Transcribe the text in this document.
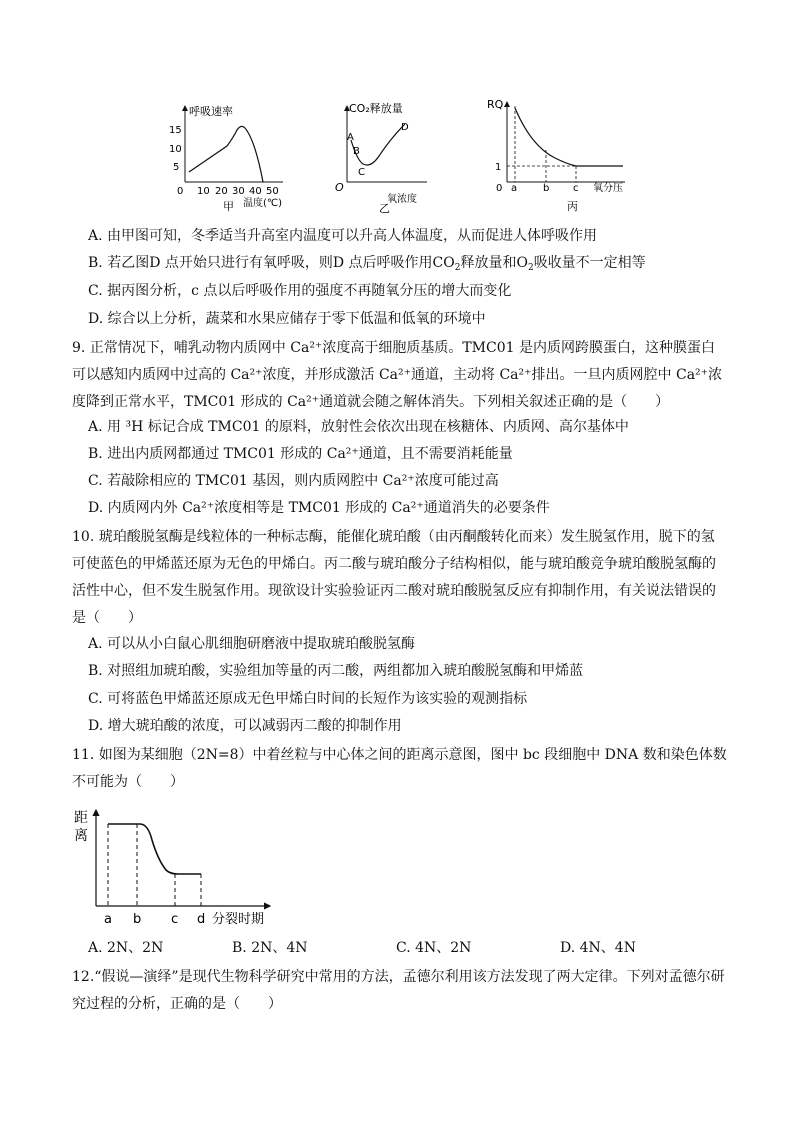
呼吸速率
15
10
5
0 10 20 30 40 50
温度(℃)
甲
CO₂释放量
O
A
B
C
D
氧浓度
乙
RQ
1
0 a	b c 氧分压
丙
A. 由甲图可知，冬季适当升高室内温度可以升高人体温度，从而促进人体呼吸作用
B. 若乙图D 点开始只进行有氧呼吸，则D 点后呼吸作用$CO_2$释放量和$O_2$吸收量不一定相等
C. 据丙图分析，c 点以后呼吸作用的强度不再随氧分压的增大而变化
D. 综合以上分析，蔬菜和水果应储存于零下低温和低氧的环境中
9. 正常情况下，哺乳动物内质网中 Ca²⁺浓度高于细胞质基质。TMC01 是内质网跨膜蛋白，这种膜蛋白可以感知内质网中过高的 Ca²⁺浓度，并形成激活 Ca²⁺通道，主动将 Ca²⁺排出。一旦内质网腔中 Ca²⁺浓度降到正常水平，TMC01 形成的 Ca²⁺通道就会随之解体消失。下列相关叙述正确的是（　　）
A. 用 ³H 标记合成 TMC01 的原料，放射性会依次出现在核糖体、内质网、高尔基体中
B. 进出内质网都通过 TMC01 形成的 Ca²⁺通道，且不需要消耗能量
C. 若敲除相应的 TMC01 基因，则内质网腔中 Ca²⁺浓度可能过高
D. 内质网内外 Ca²⁺浓度相等是 TMC01 形成的 Ca²⁺通道消失的必要条件
10. 琥珀酸脱氢酶是线粒体的一种标志酶，能催化琥珀酸（由丙酮酸转化而来）发生脱氢作用，脱下的氢可使蓝色的甲烯蓝还原为无色的甲烯白。丙二酸与琥珀酸分子结构相似，能与琥珀酸竞争琥珀酸脱氢酶的活性中心，但不发生脱氢作用。现欲设计实验验证丙二酸对琥珀酸脱氢反应有抑制作用，有关说法错误的是（　　）
A. 可以从小白鼠心肌细胞研磨液中提取琥珀酸脱氢酶
B. 对照组加琥珀酸，实验组加等量的丙二酸，两组都加入琥珀酸脱氢酶和甲烯蓝
C. 可将蓝色甲烯蓝还原成无色甲烯白时间的长短作为该实验的观测指标
D. 增大琥珀酸的浓度，可以减弱丙二酸的抑制作用
11. 如图为某细胞（2N=8）中着丝粒与中心体之间的距离示意图，图中 bc 段细胞中 DNA 数和染色体数不可能为（　　）
距
离
a b c d 分裂时期
A. 2N、2N	B. 2N、4N	C. 4N、2N	D. 4N、4N
12.“假说—演绎”是现代生物科学研究中常用的方法，孟德尔利用该方法发现了两大定律。下列对孟德尔研究过程的分析，正确的是（　　）
